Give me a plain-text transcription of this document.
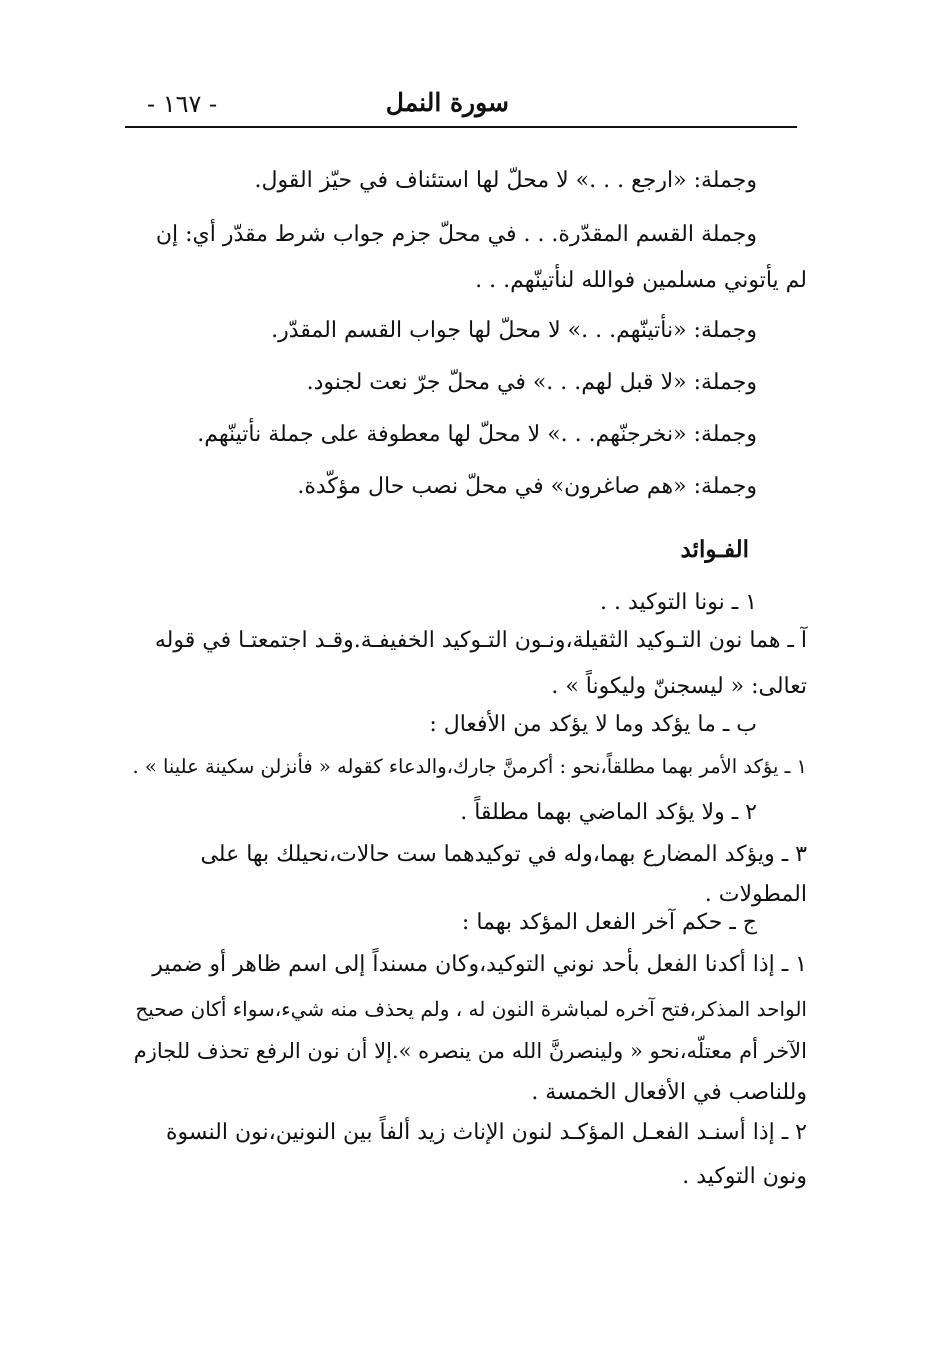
سورة النمل
- ١٦٧ -
وجملة: «ارجع . . .» لا محلّ لها استئناف في حيّز القول.
وجملة القسم المقدّرة. . . في محلّ جزم جواب شرط مقدّر أي: إن
لم يأتوني مسلمين فوالله لنأتينّهم. . .
وجملة: «نأتينّهم. . .» لا محلّ لها جواب القسم المقدّر.
وجملة: «لا قبل لهم. . .» في محلّ جرّ نعت لجنود.
وجملة: «نخرجنّهم. . .» لا محلّ لها معطوفة على جملة نأتينّهم.
وجملة: «هم صاغرون» في محلّ نصب حال مؤكّدة.
الفـوائد
١ ـ نونا التوكيد . .
آ ـ هما نون التـوكيد الثقيلة،ونـون التـوكيد الخفيفـة.وقـد اجتمعتـا في قوله
تعالى: « ليسجننّ وليكوناً » .
ب ـ ما يؤكد وما لا يؤكد من الأفعال :
١ ـ يؤكد الأمر بهما مطلقاً،نحو : أكرمنَّ جارك،والدعاء كقوله « فأنزلن سكينة علينا » .
٢ ـ ولا يؤكد الماضي بهما مطلقاً .
٣ ـ ويؤكد المضارع بهما،وله في توكيدهما ست حالات،نحيلك بها على
المطولات .
ج ـ حكم آخر الفعل المؤكد بهما :
١ ـ إذا أكدنا الفعل بأحد نوني التوكيد،وكان مسنداً إلى اسم ظاهر أو ضمير
الواحد المذكر،فتح آخره لمباشرة النون له ، ولم يحذف منه شيء،سواء أكان صحيح
الآخر أم معتلّه،نحو « ولينصرنَّ الله من ينصره ».إلا أن نون الرفع تحذف للجازم
وللناصب في الأفعال الخمسة .
٢ ـ إذا أسنـد الفعـل المؤكـد لنون الإناث زيد ألفاً بين النونين،نون النسوة
ونون التوكيد .
